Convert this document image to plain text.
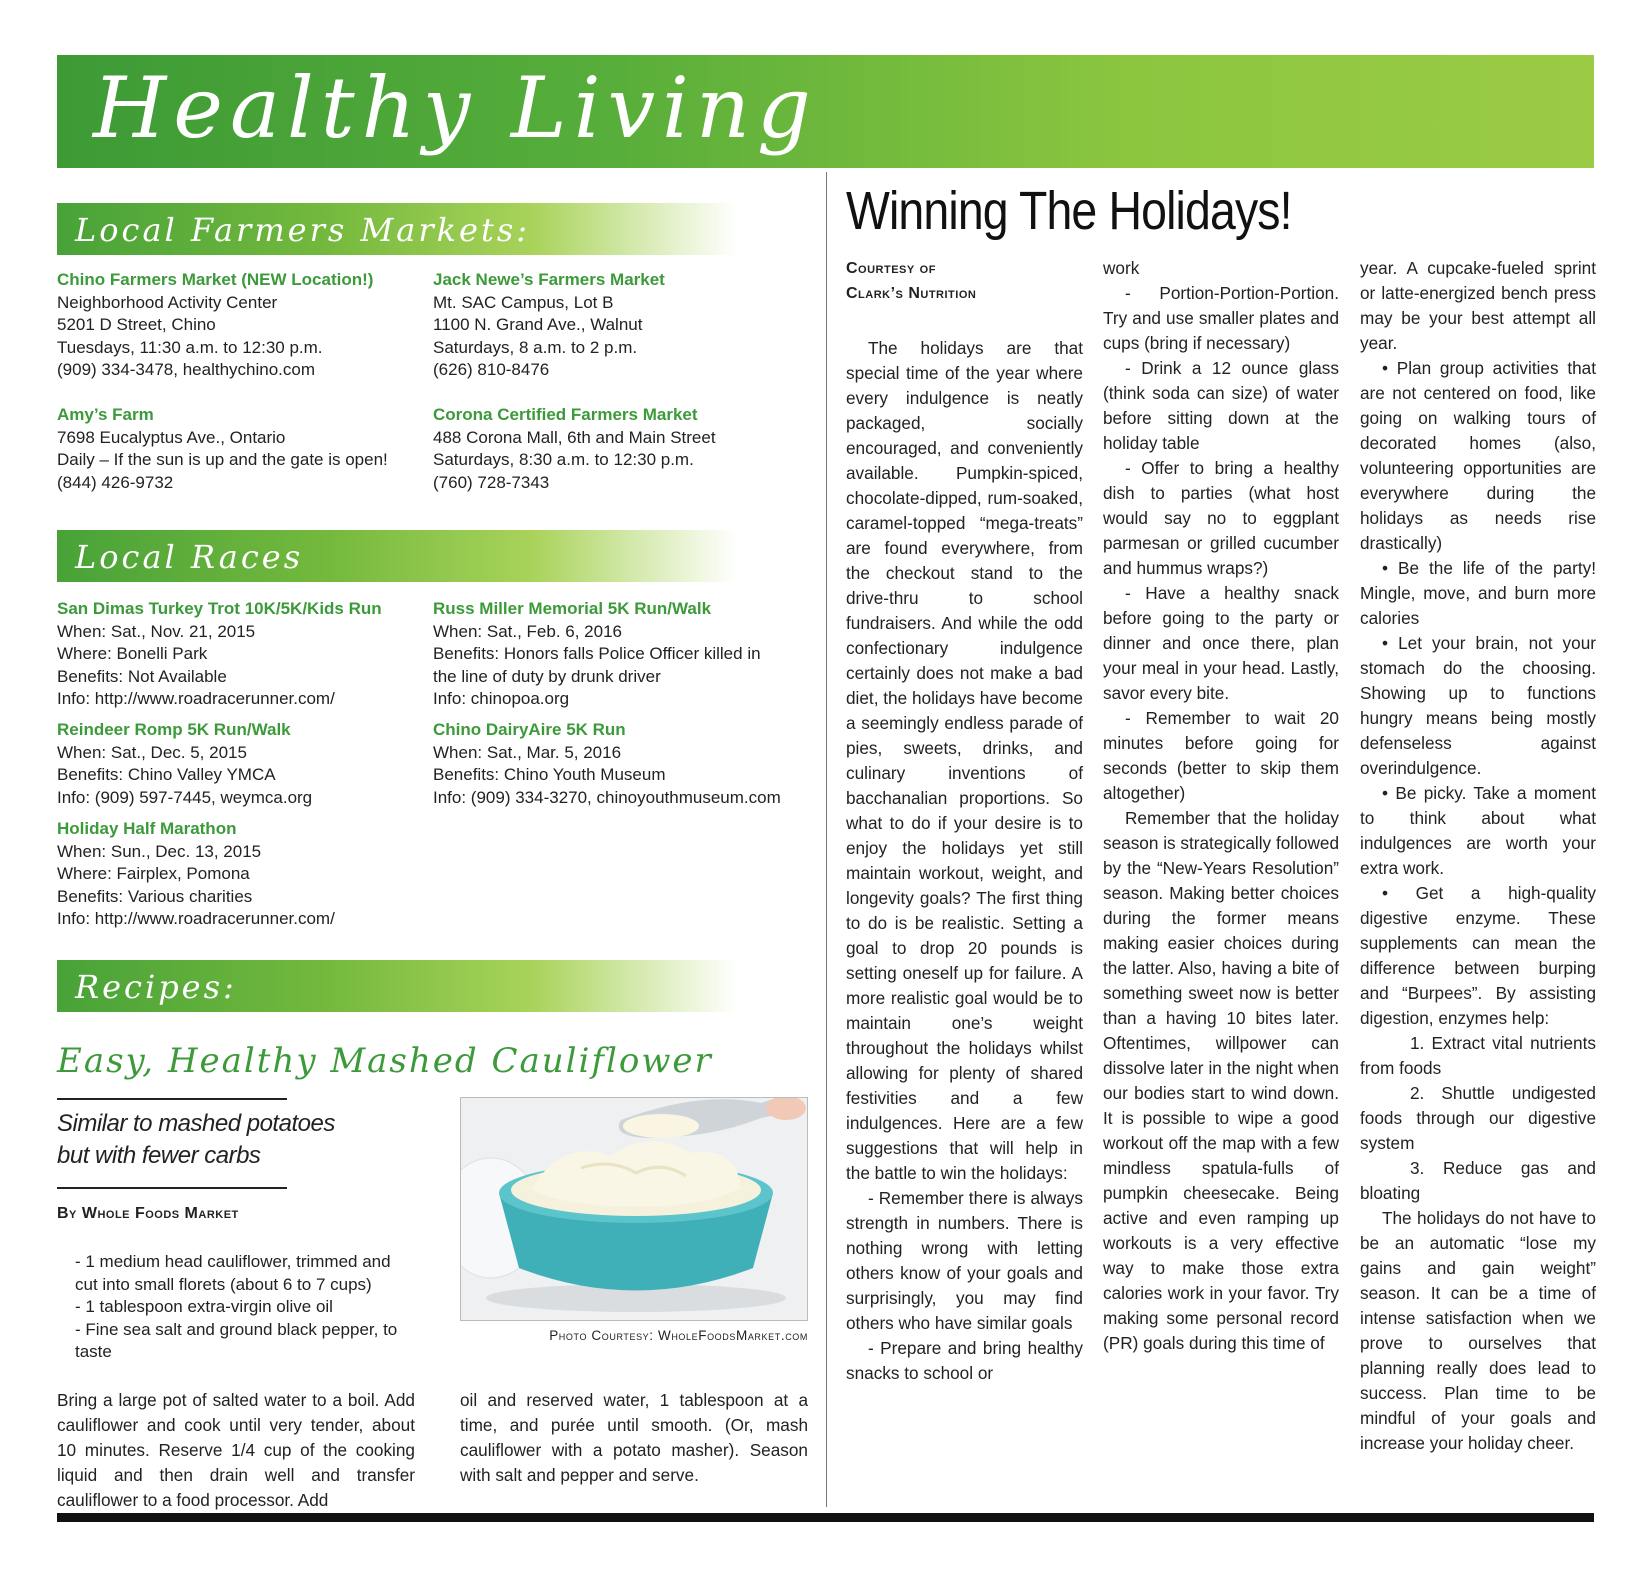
Healthy Living
Local Farmers Markets:
Chino Farmers Market (NEW Location!)
Neighborhood Activity Center
5201 D Street, Chino
Tuesdays, 11:30 a.m. to 12:30 p.m.
(909) 334-3478, healthychino.com
Jack Newe’s Farmers Market
Mt. SAC Campus, Lot B
1100 N. Grand Ave., Walnut
Saturdays, 8 a.m. to 2 p.m.
(626) 810-8476
Amy’s Farm
7698 Eucalyptus Ave., Ontario
Daily – If the sun is up and the gate is open!
(844) 426-9732
Corona Certified Farmers Market
488 Corona Mall, 6th and Main Street
Saturdays, 8:30 a.m. to 12:30 p.m.
(760) 728-7343
Local Races
San Dimas Turkey Trot 10K/5K/Kids Run
When: Sat., Nov. 21, 2015
Where: Bonelli Park
Benefits: Not Available
Info: http://www.roadracerunner.com/
Russ Miller Memorial 5K Run/Walk
When: Sat., Feb. 6, 2016
Benefits: Honors falls Police Officer killed in
the line of duty by drunk driver
Info: chinopoa.org
Reindeer Romp 5K Run/Walk
When: Sat., Dec. 5, 2015
Benefits: Chino Valley YMCA
Info: (909) 597-7445, weymca.org
Chino DairyAire 5K Run
When: Sat., Mar. 5, 2016
Benefits: Chino Youth Museum
Info: (909) 334-3270, chinoyouthmuseum.com
Holiday Half Marathon
When: Sun., Dec. 13, 2015
Where: Fairplex, Pomona
Benefits: Various charities
Info: http://www.roadracerunner.com/
Recipes:
Easy, Healthy Mashed Cauliflower
Similar to mashed potatoes
but with fewer carbs
By Whole Foods Market
- 1 medium head cauliflower, trimmed and cut into small florets (about 6 to 7 cups)
- 1 tablespoon extra-virgin olive oil
- Fine sea salt and ground black pepper, to taste
Photo Courtesy: WholeFoodsMarket.com

Bring a large pot of salted water to a boil. Add cauliflower and cook until very tender, about 10 minutes. Reserve 1/4 cup of the cooking liquid and then drain well and transfer cauliflower to a food processor. Add

oil and reserved water, 1 tablespoon at a time, and purée until smooth. (Or, mash cauliflower with a potato masher). Season with salt and pepper and serve.

Winning The Holidays!
Courtesy of
Clark’s Nutrition

The holidays are that special time of the year where every indulgence is neatly packaged, socially encouraged, and conveniently available. Pumpkin-spiced, chocolate-dipped, rum-soaked, caramel-topped “mega-treats” are found everywhere, from the checkout stand to the drive-thru to school fundraisers. And while the odd confectionary indulgence certainly does not make a bad diet, the holidays have become a seemingly endless parade of pies, sweets, drinks, and culinary inventions of bacchanalian proportions. So what to do if your desire is to enjoy the holidays yet still maintain workout, weight, and longevity goals? The first thing to do is be realistic. Setting a goal to drop 20 pounds is setting oneself up for failure. A more realistic goal would be to maintain one’s weight throughout the holidays whilst allowing for plenty of shared festivities and a few indulgences. Here are a few suggestions that will help in the battle to win the holidays:

- Remember there is always strength in numbers. There is nothing wrong with letting others know of your goals and surprisingly, you may find others who have similar goals

- Prepare and bring healthy snacks to school or

work

- Portion-Portion-Portion. Try and use smaller plates and cups (bring if necessary)

- Drink a 12 ounce glass (think soda can size) of water before sitting down at the holiday table

- Offer to bring a healthy dish to parties (what host would say no to eggplant parmesan or grilled cucumber and hummus wraps?)

- Have a healthy snack before going to the party or dinner and once there, plan your meal in your head. Lastly, savor every bite.

- Remember to wait 20 minutes before going for seconds (better to skip them altogether)

Remember that the holiday season is strategically followed by the “New-Years Resolution” season. Making better choices during the former means making easier choices during the latter. Also, having a bite of something sweet now is better than a having 10 bites later. Oftentimes, willpower can dissolve later in the night when our bodies start to wind down. It is possible to wipe a good workout off the map with a few mindless spatula-fulls of pumpkin cheesecake. Being active and even ramping up workouts is a very effective way to make those extra calories work in your favor. Try making some personal record (PR) goals during this time of

year. A cupcake-fueled sprint or latte-energized bench press may be your best attempt all year.

• Plan group activities that are not centered on food, like going on walking tours of decorated homes (also, volunteering opportunities are everywhere during the holidays as needs rise drastically)

• Be the life of the party! Mingle, move, and burn more calories

• Let your brain, not your stomach do the choosing. Showing up to functions hungry means being mostly defenseless against overindulgence.

• Be picky. Take a moment to think about what indulgences are worth your extra work.

• Get a high-quality digestive enzyme. These supplements can mean the difference between burping and “Burpees”. By assisting digestion, enzymes help:

1. Extract vital nutrients from foods

2. Shuttle undigested foods through our digestive system

3. Reduce gas and bloating

The holidays do not have to be an automatic “lose my gains and gain weight” season. It can be a time of intense satisfaction when we prove to ourselves that planning really does lead to success. Plan time to be mindful of your goals and increase your holiday cheer.
